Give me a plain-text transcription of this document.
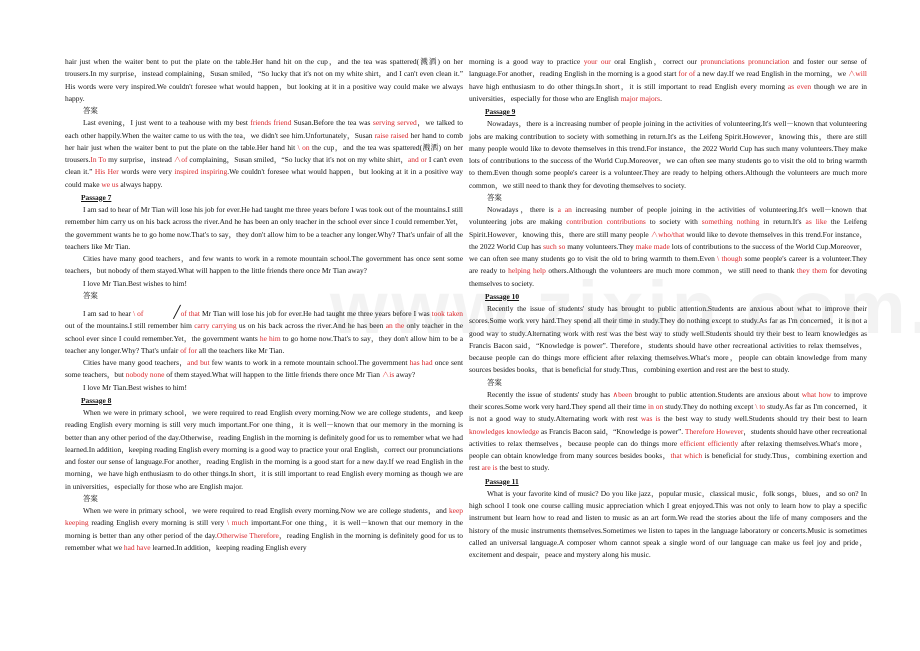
hair just when the waiter bent to put the plate on the table.Her hand hit on the cup，and the tea was spattered(溅洒) on her trousers.In my surprise，instead complaining，Susan smiled，“So lucky that it's not on my white shirt，and I can't even clean it.” His words were very inspired.We couldn't foresee what would happen，but looking at it in a positive way could make we always happy.

答案

Last evening，I just went to a teahouse with my best friends friend Susan.Before the tea was serving served，we talked to each other happily.When the waiter came to us with the tea，we didn't see him.Unfortunately，Susan raise raised her hand to comb her hair just when the waiter bent to put the plate on the table.Her hand hit \ on the cup，and the tea was spattered(溅洒) on her trousers.In To my surprise，instead ∧of complaining，Susan smiled，“So lucky that it's not on my white shirt，and or I can't even clean it.” His Her words were very inspired inspiring.We couldn't foresee what would happen，but looking at it in a positive way could make we us always happy.

Passage 7

I am sad to hear of Mr Tian will lose his job for ever.He had taught me three years before I was took out of the mountains.I still remember him carry us on his back across the river.And he has been an only teacher in the school ever since I could remember.Yet，the government wants he to go home now.That's to say，they don't allow him to be a teacher any longer.Why? That's unfair of all the teachers like Mr Tian.

Cities have many good teachers，and few wants to work in a remote mountain school.The government has once sent some teachers，but nobody of them stayed.What will happen to the little friends there once Mr Tian away?

I love Mr Tian.Best wishes to him!

答案

I am sad to hear \ of	╱of that Mr Tian will lose his job for ever.He had taught me three years before I was took taken out of the mountains.I still remember him carry carrying us on his back across the river.And he has been an the only teacher in the school ever since I could remember.Yet，the government wants he him to go home now.That's to say，they don't allow him to be a teacher any longer.Why? That's unfair of for all the teachers like Mr Tian.

Cities have many good teachers，and but few wants to work in a remote mountain school.The government has had once sent some teachers，but nobody none of them stayed.What will happen to the little friends there once Mr Tian ∧is away?

I love Mr Tian.Best wishes to him!

Passage 8

When we were in primary school，we were required to read English every morning.Now we are college students，and keep reading English every morning is still very much important.For one thing，it is well－known that our memory in the morning is better than any other period of the day.Otherwise，reading English in the morning is definitely good for us to remember what we had learned.In addition，keeping reading English every morning is a good way to practice your oral English，correct our pronunciations and foster our sense of language.For another，reading English in the morning is a good start for a new day.If we read English in the morning，we have high enthusiasm to do other things.In short，it is still important to read English every morning as though we are in universities，especially for those who are English major.

答案

When we were in primary school，we were required to read English every morning.Now we are college students，and keep keeping reading English every morning is still very \ much important.For one thing，it is well－known that our memory in the morning is better than any other period of the day.Otherwise Therefore，reading English in the morning is definitely good for us to remember what we had have learned.In addition，keeping reading English every

morning is a good way to practice your our oral English，correct our pronunciations pronunciation and foster our sense of language.For another，reading English in the morning is a good start for of a new day.If we read English in the morning，we ∧will have high enthusiasm to do other things.In short，it is still important to read English every morning as even though we are in universities，especially for those who are English major majors.

Passage 9

Nowadays，there is a increasing number of people joining in the activities of volunteering.It's well－known that volunteering jobs are making contribution to society with something in return.It's as the Leifeng Spirit.However，knowing this，there are still many people would like to devote themselves in this trend.For instance，the 2022 World Cup has such many volunteers.They make lots of contributions to the success of the World Cup.Moreover，we can often see many students go to visit the old to bring warmth to them.Even though some people's career is a volunteer.They are ready to helping others.Although the volunteers are much more common，we still need to thank they for devoting themselves to society.

答案

Nowadays，there is a an increasing number of people joining in the activities of volunteering.It's well－known that volunteering jobs are making contribution contributions to society with something nothing in return.It's as like the Leifeng Spirit.However，knowing this，there are still many people ∧who/that would like to devote themselves in this trend.For instance，the 2022 World Cup has such so many volunteers.They make made lots of contributions to the success of the World Cup.Moreover，we can often see many students go to visit the old to bring warmth to them.Even \ though some people's career is a volunteer.They are ready to helping help others.Although the volunteers are much more common，we still need to thank they them for devoting themselves to society.

Passage 10

Recently the issue of students' study has brought to public attention.Students are anxious about what to improve their scores.Some work very hard.They spend all their time in study.They do nothing except to study.As far as I'm concerned，it is not a good way to study.Alternating work with rest was the best way to study well.Students should try their best to learn knowledges as Francis Bacon said，“Knowledge is power”. Therefore，students should have other recreational activities to relax themselves，because people can do things more efficient after relaxing themselves.What's more，people can obtain knowledge from many sources besides books，that is beneficial for study.Thus，combining exertion and rest are the best to study.

答案

Recently the issue of students' study has ∧been brought to public attention.Students are anxious about what how to improve their scores.Some work very hard.They spend all their time in on study.They do nothing except \ to study.As far as I'm concerned，it is not a good way to study.Alternating work with rest was is the best way to study well.Students should try their best to learn knowledges knowledge as Francis Bacon said，“Knowledge is power”. Therefore However，students should have other recreational activities to relax themselves，because people can do things more efficient efficiently after relaxing themselves.What's more，people can obtain knowledge from many sources besides books，that which is beneficial for study.Thus，combining exertion and rest are is the best to study.

Passage 11

What is your favorite kind of music? Do you like jazz，popular music，classical music，folk songs，blues，and so on? In high school I took one course calling music appreciation which I great enjoyed.This was not only to learn how to play a specific instrument but learn how to read and listen to music as an art form.We read the stories about the life of many composers and the history of the music instruments themselves.Sometimes we listen to tapes in the language laboratory or concerts.Music is sometimes called an universal language.A composer whom cannot speak a single word of our language can make us feel joy and pride，excitement and despair，peace and mystery along his music.
